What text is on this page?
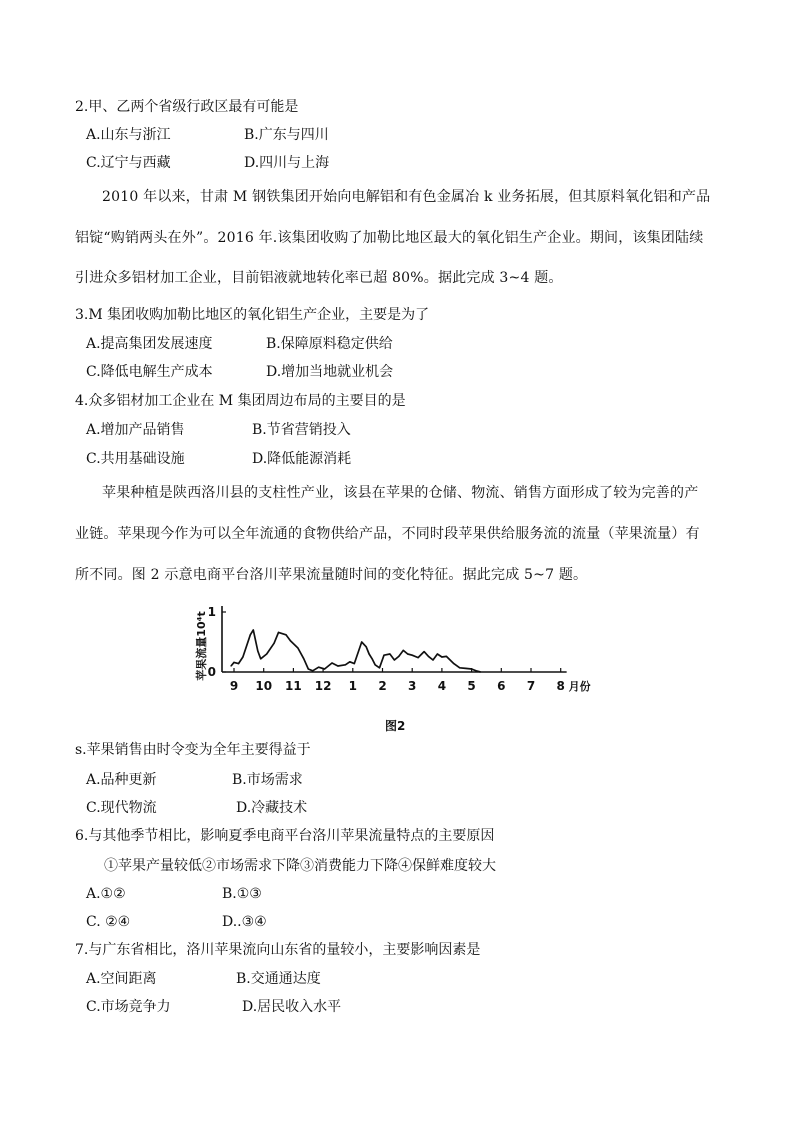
2.甲、乙两个省级行政区最有可能是
A.山东与浙江	B.广东与四川
C.辽宁与西藏	D.四川与上海
2010 年以来，甘肃 M 钢铁集团开始向电解铝和有色金属冶 k 业务拓展，但其原料氧化铝和产品
铝锭“购销两头在外”。2016 年.该集团收购了加勒比地区最大的氧化铝生产企业。期间，该集团陆续
引进众多铝材加工企业，目前铝液就地转化率已超 80%。据此完成 3~4 题。
3.M 集团收购加勒比地区的氧化铝生产企业，主要是为了
A.提高集团发展速度	B.保障原料稳定供给
C.降低电解生产成本	D.增加当地就业机会
4.众多铝材加工企业在 M 集团周边布局的主要目的是
A.增加产品销售	B.节省营销投入
C.共用基础设施	D.降低能源消耗
苹果种植是陕西洛川县的支柱性产业，该县在苹果的仓储、物流、销售方面形成了较为完善的产
业链。苹果现今作为可以全年流通的食物供给产品，不同时段苹果供给服务流的流量（苹果流量）有
所不同。图 2 示意电商平台洛川苹果流量随时间的变化特征。据此完成 5~7 题。
苹果流量10⁴t 1
0
9 10 11 12 1 2 3 4 5 6 7 8 月份
图2
s.苹果销售由时令变为全年主要得益于
A.品种更新	B.市场需求
C.现代物流	D.冷藏技术
6.与其他季节相比，影响夏季电商平台洛川苹果流量特点的主要原因
①苹果产量较低②市场需求下降③消费能力下降④保鲜难度较大
A.①②	B.①③
C. ②④	D..③④
7.与广东省相比，洛川苹果流向山东省的量较小，主要影响因素是
A.空间距离	B.交通通达度
C.市场竞争力	D.居民收入水平
